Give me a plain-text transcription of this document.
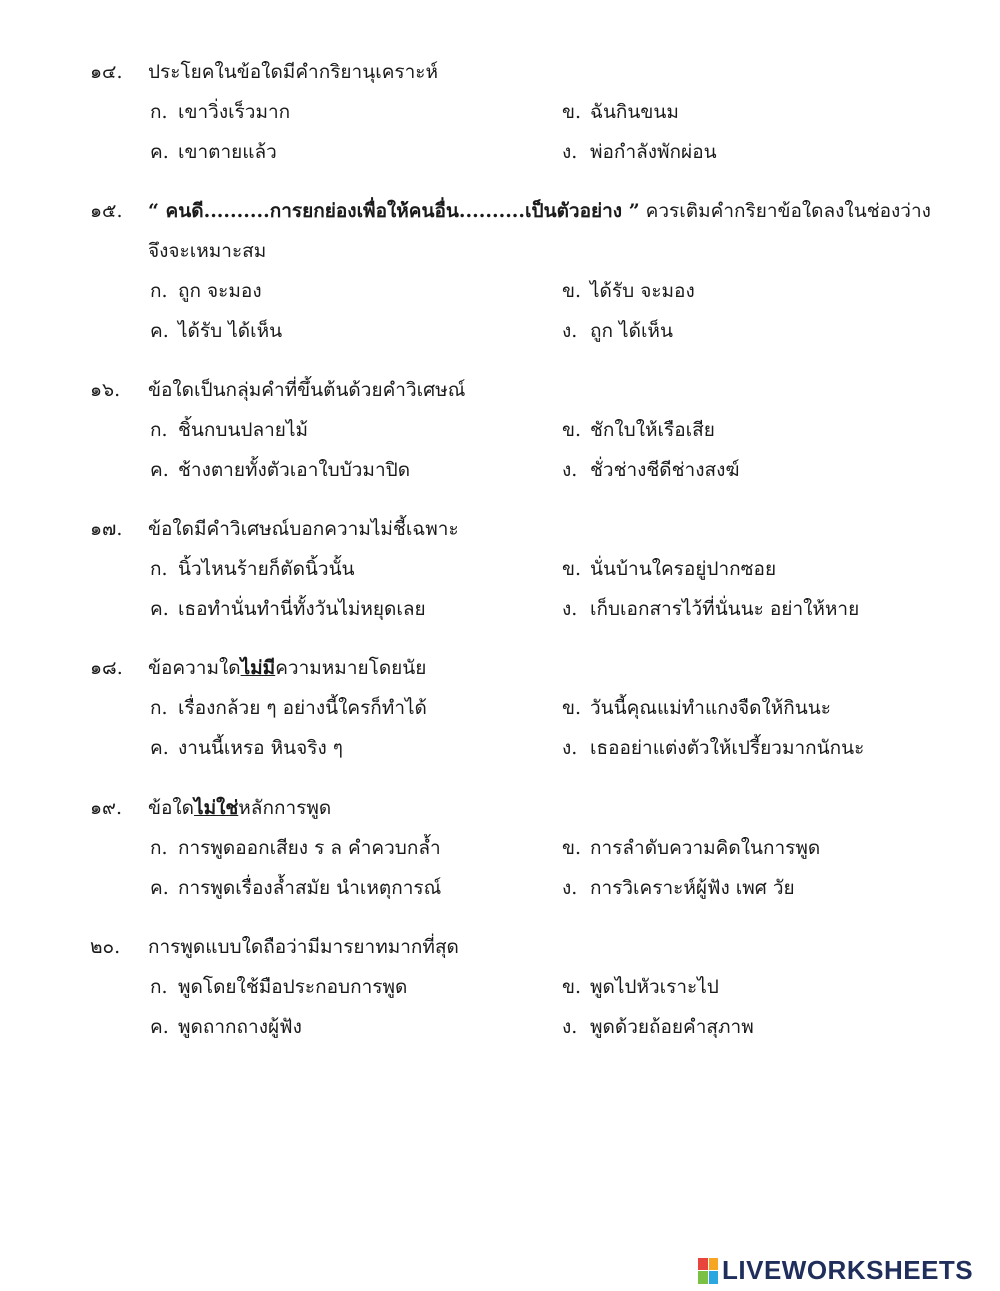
๑๔. ประโยคในข้อใดมีคำกริยานุเคราะห์
ก. เขาวิ่งเร็วมาก	ข. ฉันกินขนม
ค. เขาตายแล้ว	ง. พ่อกำลังพักผ่อน
๑๕. “ คนดี..........การยกย่องเพื่อให้คนอื่น..........เป็นตัวอย่าง ” ควรเติมคำกริยาข้อใดลงในช่องว่าง
จึงจะเหมาะสม
ก. ถูก จะมอง	ข. ได้รับ จะมอง
ค. ได้รับ ได้เห็น	ง. ถูก ได้เห็น
๑๖. ข้อใดเป็นกลุ่มคำที่ขึ้นต้นด้วยคำวิเศษณ์
ก. ชิ้นกบนปลายไม้	ข. ชักใบให้เรือเสีย
ค. ช้างตายทั้งตัวเอาใบบัวมาปิด	ง. ชั่วช่างชีดีช่างสงฆ์
๑๗. ข้อใดมีคำวิเศษณ์บอกความไม่ชี้เฉพาะ
ก. นิ้วไหนร้ายก็ตัดนิ้วนั้น	ข. นั่นบ้านใครอยู่ปากซอย
ค. เธอทำนั่นทำนี่ทั้งวันไม่หยุดเลย	ง. เก็บเอกสารไว้ที่นั่นนะ อย่าให้หาย
๑๘. ข้อความใดไม่มีความหมายโดยนัย
ก. เรื่องกล้วย ๆ อย่างนี้ใครก็ทำได้	ข. วันนี้คุณแม่ทำแกงจืดให้กินนะ
ค. งานนี้เหรอ หินจริง ๆ	ง. เธออย่าแต่งตัวให้เปรี้ยวมากนักนะ
๑๙. ข้อใดไม่ใช่หลักการพูด
ก. การพูดออกเสียง ร ล คำควบกล้ำ	ข. การลำดับความคิดในการพูด
ค. การพูดเรื่องล้ำสมัย นำเหตุการณ์	ง. การวิเคราะห์ผู้ฟัง เพศ วัย
๒๐. การพูดแบบใดถือว่ามีมารยาทมากที่สุด
ก. พูดโดยใช้มือประกอบการพูด	ข. พูดไปหัวเราะไป
ค. พูดถากถางผู้ฟัง	ง. พูดด้วยถ้อยคำสุภาพ
LIVEWORKSHEETS
